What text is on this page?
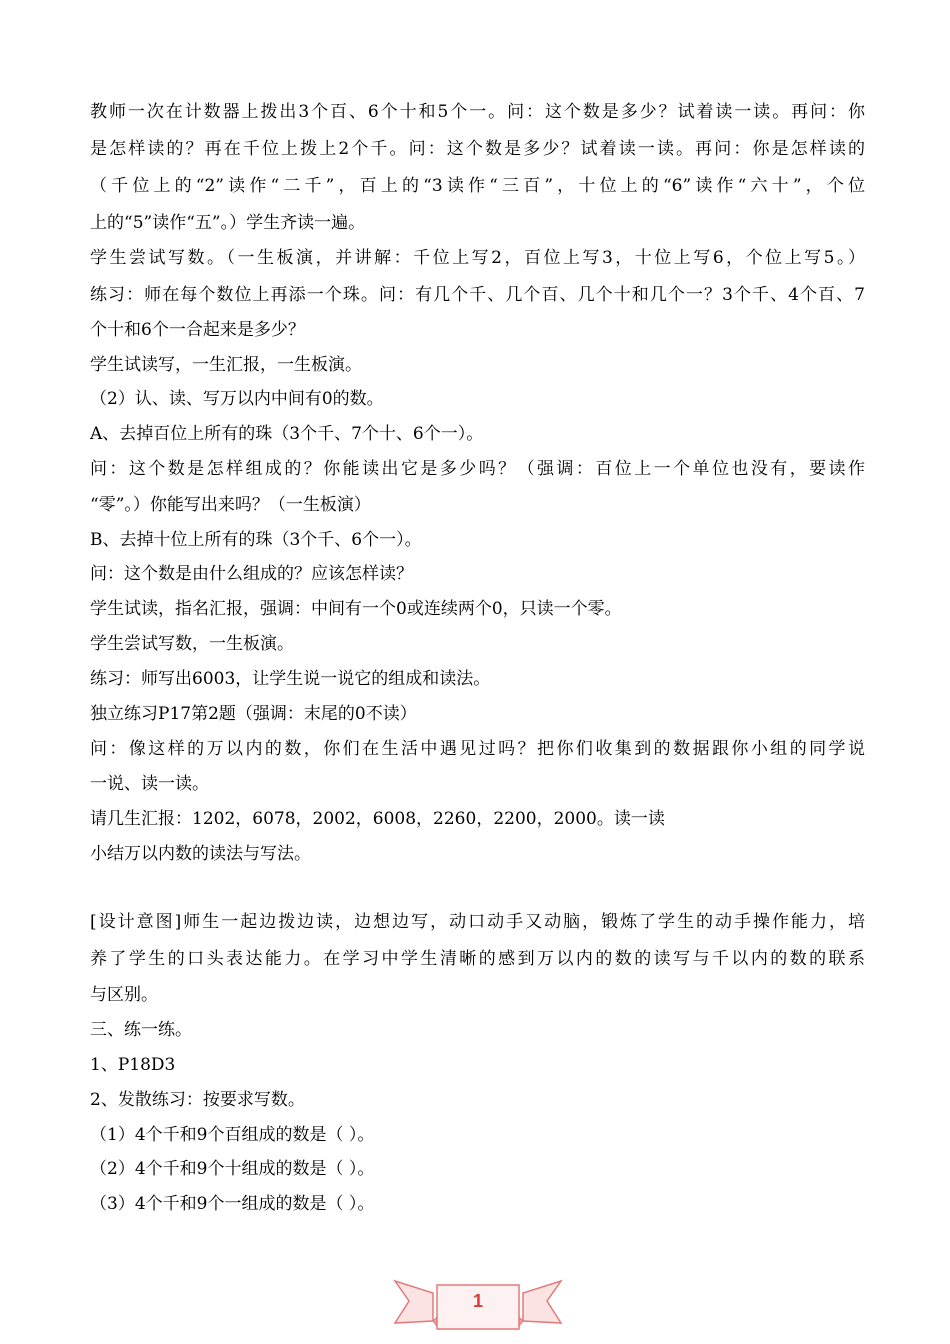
教师一次在计数器上拨出3个百、6个十和5个一。问：这个数是多少？试着读一读。再问：你
是怎样读的？再在千位上拨上2个千。问：这个数是多少？试着读一读。再问：你是怎样读的
（千位上的“2”读作“二千”，百上的“3读作“三百”，十位上的“6”读作“六十”，个位
上的“5”读作“五”。）学生齐读一遍。
学生尝试写数。（一生板演，并讲解：千位上写2，百位上写3，十位上写6，个位上写5。）
练习：师在每个数位上再添一个珠。问：有几个千、几个百、几个十和几个一？3个千、4个百、7
个十和6个一合起来是多少？
学生试读写，一生汇报，一生板演。
（2）认、读、写万以内中间有0的数。
A、去掉百位上所有的珠（3个千、7个十、6个一）。
问：这个数是怎样组成的？你能读出它是多少吗？（强调：百位上一个单位也没有，要读作
“零”。）你能写出来吗？（一生板演）
B、去掉十位上所有的珠（3个千、6个一）。
问：这个数是由什么组成的？应该怎样读？
学生试读，指名汇报，强调：中间有一个0或连续两个0，只读一个零。
学生尝试写数，一生板演。
练习：师写出6003，让学生说一说它的组成和读法。
独立练习P17第2题（强调：末尾的0不读）
问：像这样的万以内的数，你们在生活中遇见过吗？把你们收集到的数据跟你小组的同学说
一说、读一读。
请几生汇报：1202，6078，2002，6008，2260，2200，2000。读一读
小结万以内数的读法与写法。
[设计意图]师生一起边拨边读，边想边写，动口动手又动脑，锻炼了学生的动手操作能力，培
养了学生的口头表达能力。在学习中学生清晰的感到万以内的数的读写与千以内的数的联系
与区别。
三、练一练。
1、P18D3
2、发散练习：按要求写数。
（1）4个千和9个百组成的数是（ ）。
（2）4个千和9个十组成的数是（ ）。
（3）4个千和9个一组成的数是（ ）。
1
